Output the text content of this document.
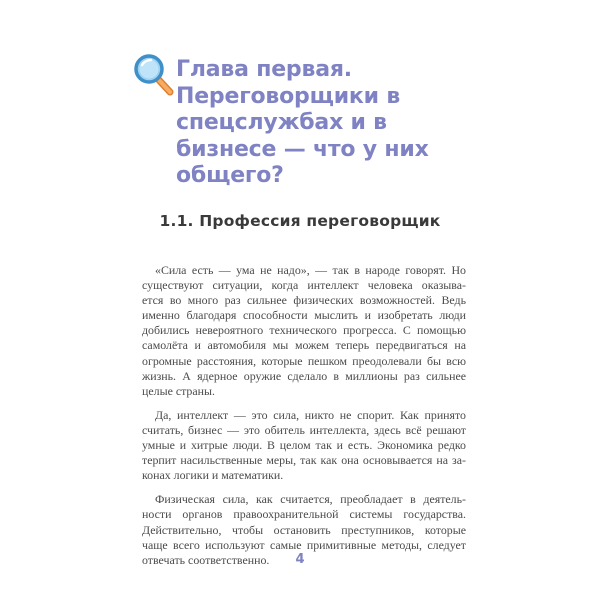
Глава первая.
Переговорщики в
спецслужбах и в
бизнесе — что у них
общего?
1.1. Профессия переговорщик
«Сила есть — ума не надо», — так в народе говорят. Но
существуют ситуации, когда интеллект человека оказыва-
ется во много раз сильнее физических возможностей. Ведь
именно благодаря способности мыслить и изобретать люди
добились невероятного технического прогресса. С помощью
самолёта и автомобиля мы можем теперь передвигаться на
огромные расстояния, которые пешком преодолевали бы всю
жизнь. А ядерное оружие сделало в миллионы раз сильнее
целые страны.
Да, интеллект — это сила, никто не спорит. Как принято
считать, бизнес — это обитель интеллекта, здесь всё решают
умные и хитрые люди. В целом так и есть. Экономика редко
терпит насильственные меры, так как она основывается на за-
конах логики и математики.
Физическая сила, как считается, преобладает в деятель-
ности органов правоохранительной системы государства.
Действительно, чтобы остановить преступников, которые
чаще всего используют самые примитивные методы, следует
отвечать соответственно.	4
